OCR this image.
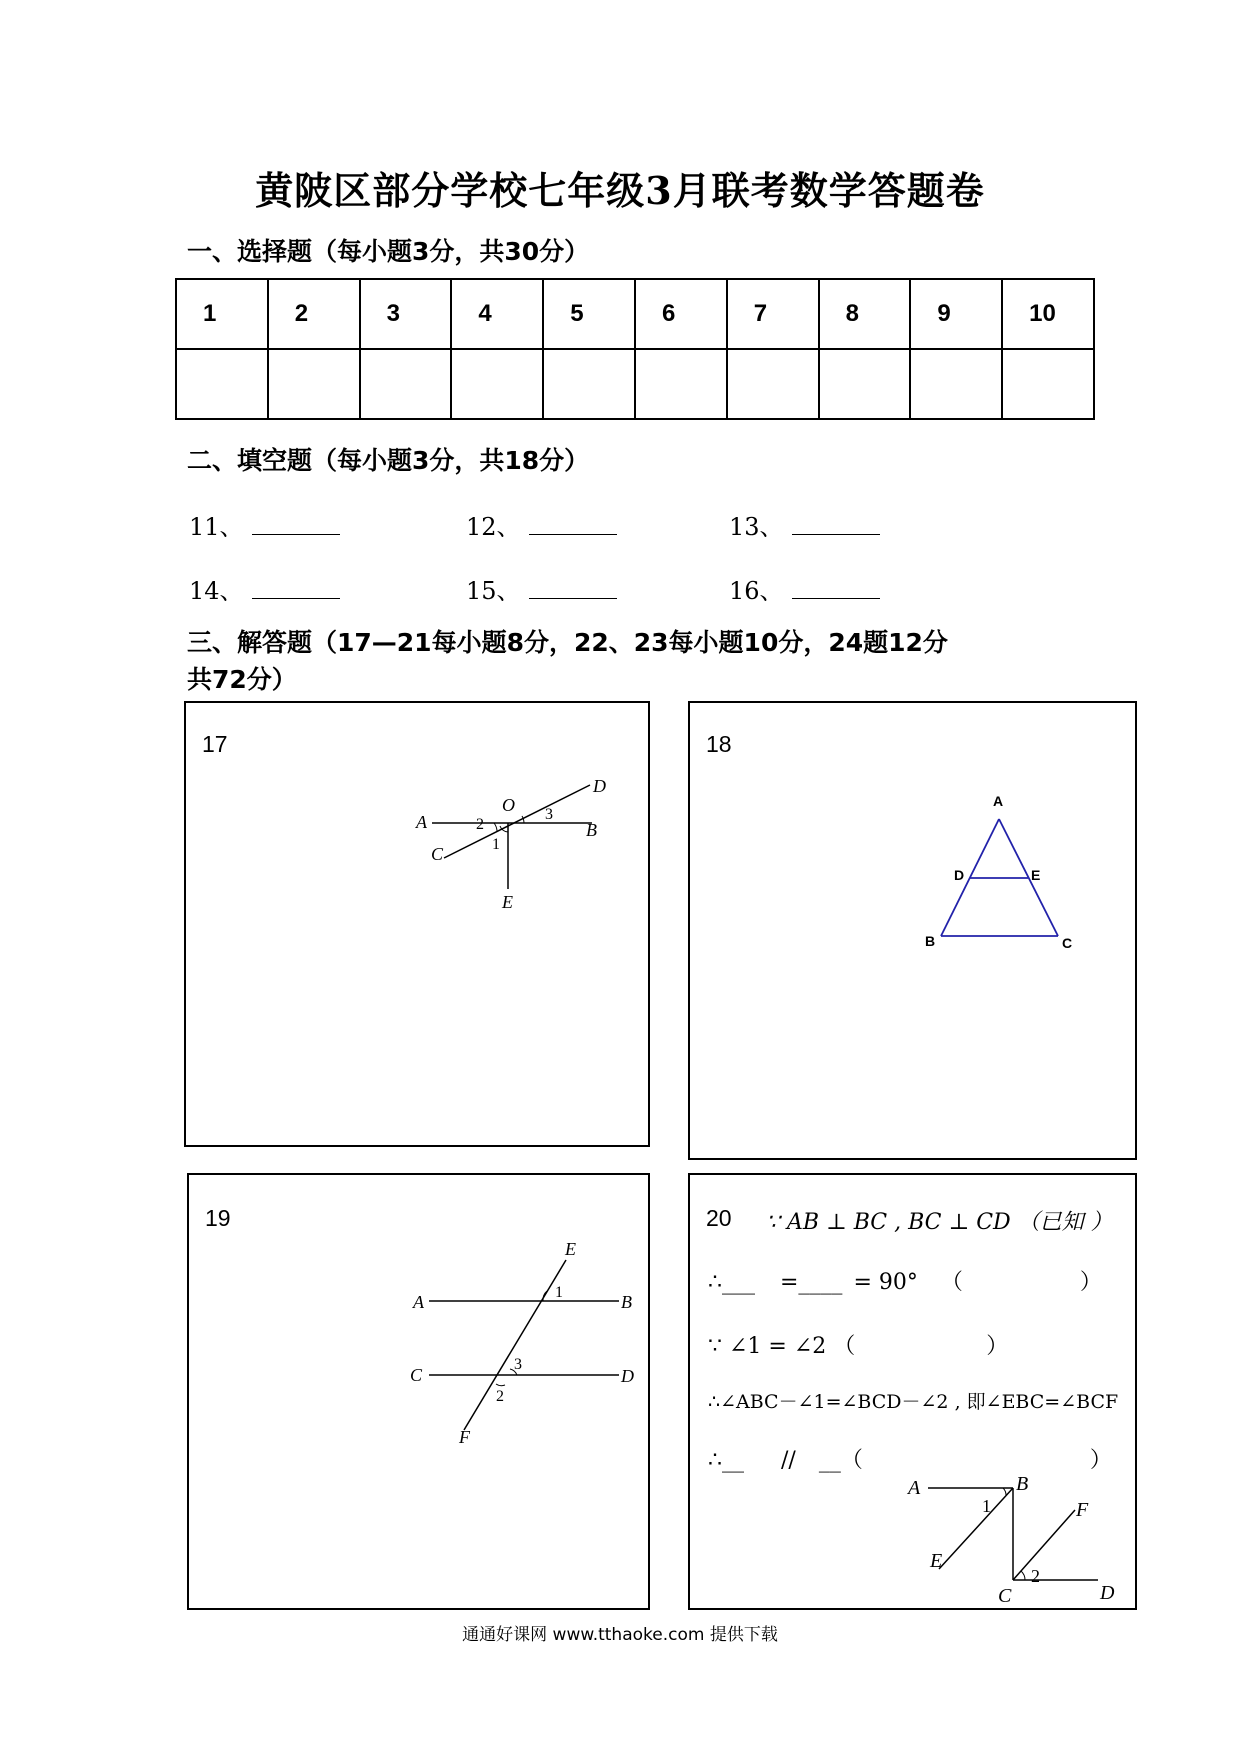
黄陂区部分学校七年级3月联考数学答题卷
一、选择题（每小题3分，共30分）
1	2	3	4	5	6	7	8	9	10

二、填空题（每小题3分，共18分）
11、	12、	13、
14、	15、	16、
三、解答题（17—21每小题8分，22、23每小题10分，24题12分
共72分）
17
A
O
D
B
C
E
1
2
3
18
A
D	E
B	C
19
E
A	B
C	D
F
1
3
2
20 ∵ AB ⊥ BC , BC ⊥ CD （已知 ）
∴___ =____ = 90° （	）
∵ ∠1 = ∠2 （	）
∴∠ABC－∠1=∠BCD－∠2 , 即∠EBC=∠BCF
∴__ // __（	）
A	B
F
E
C	D
1
2
通通好课网 www.tthaoke.com 提供下载
